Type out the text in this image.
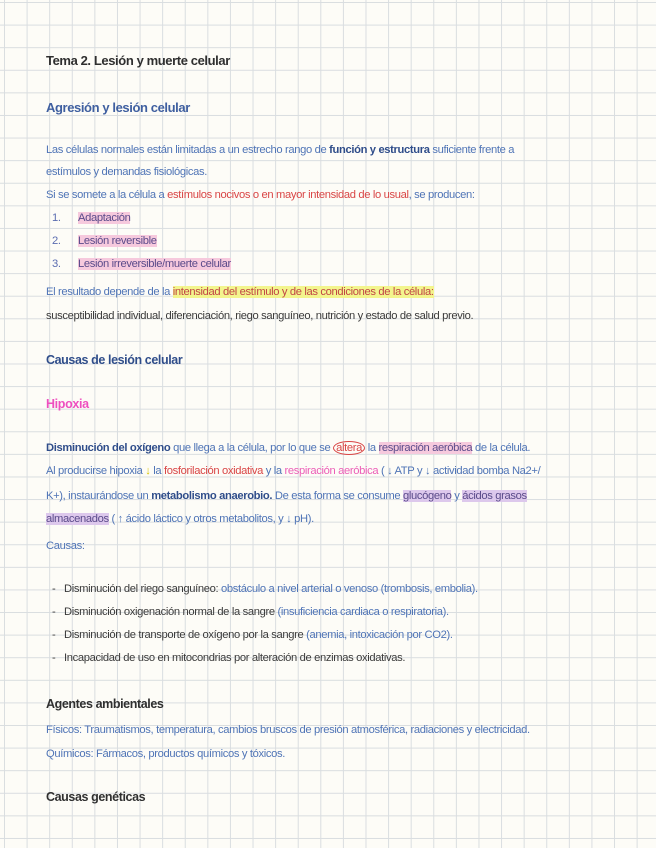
Tema 2. Lesión y muerte celular
Agresión y lesión celular
Las células normales están limitadas a un estrecho rango de función y estructura suficiente frente a
estímulos y demandas fisiológicas.
Si se somete a la célula a estímulos nocivos o en mayor intensidad de lo usual, se producen:
1. Adaptación
2. Lesión reversible
3. Lesión irreversible/muerte celular
El resultado depende de la intensidad del estímulo y de las condiciones de la célula:
susceptibilidad individual, diferenciación, riego sanguíneo, nutrición y estado de salud previo.
Causas de lesión celular
Hipoxia
Disminución del oxígeno que llega a la célula, por lo que se altera la respiración aeróbica de la célula.
Al producirse hipoxia ↓ la fosforilación oxidativa y la respiración aeróbica ( ↓ ATP y ↓ actividad bomba Na2+/
K+), instaurándose un metabolismo anaerobio. De esta forma se consume glucógeno y ácidos grasos
almacenados ( ↑ ácido láctico y otros metabolitos, y ↓ pH).
Causas:
- Disminución del riego sanguíneo: obstáculo a nivel arterial o venoso (trombosis, embolia).
- Disminución oxigenación normal de la sangre (insuficiencia cardiaca o respiratoria).
- Disminución de transporte de oxígeno por la sangre (anemia, intoxicación por CO2).
- Incapacidad de uso en mitocondrias por alteración de enzimas oxidativas.
Agentes ambientales
Físicos: Traumatismos, temperatura, cambios bruscos de presión atmosférica, radiaciones y electricidad.
Químicos: Fármacos, productos químicos y tóxicos.
Causas genéticas
